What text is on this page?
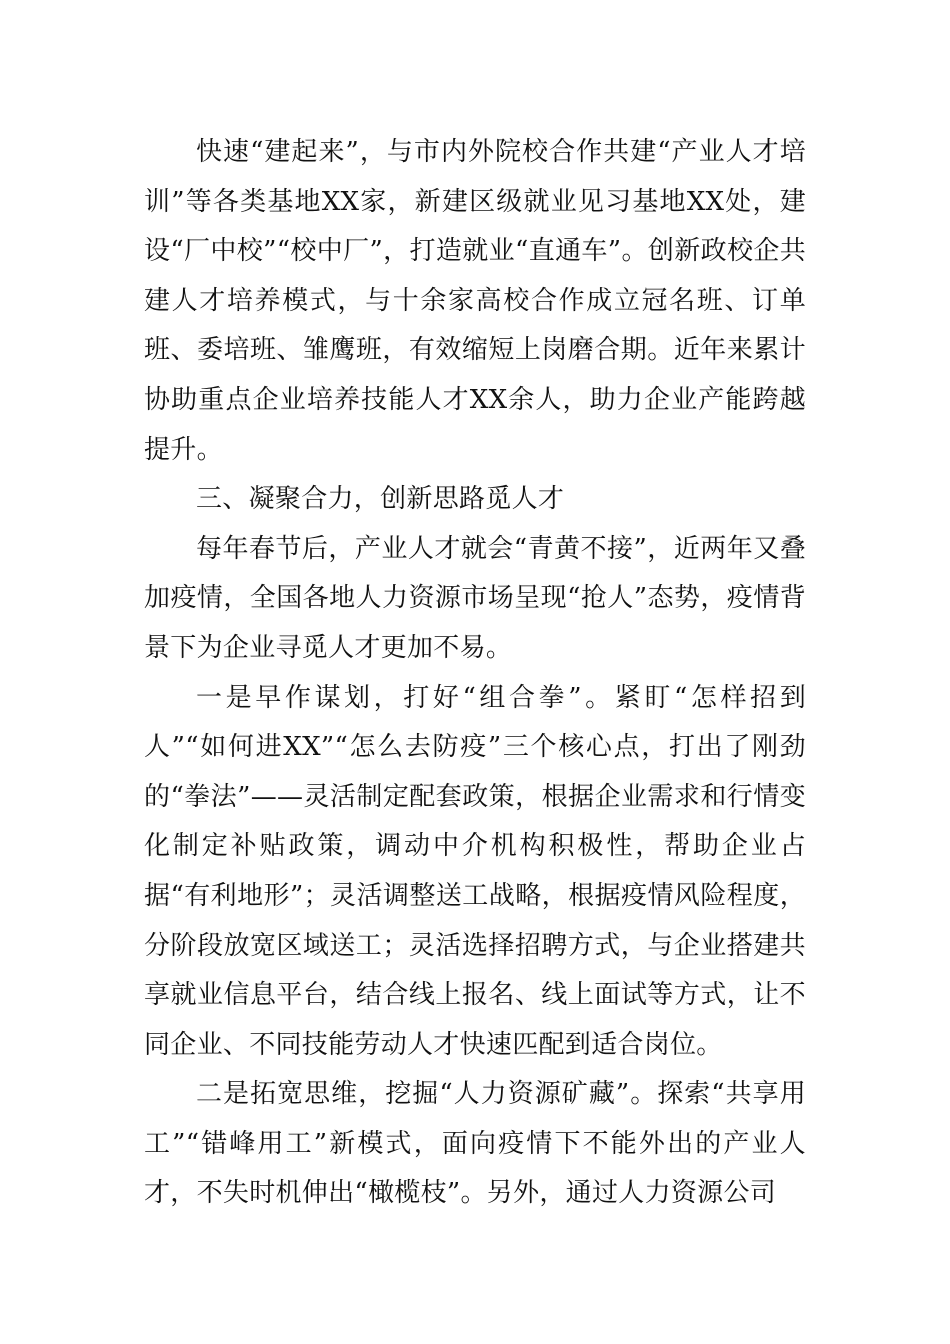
快速“建起来”，与市内外院校合作共建“产业人才培训”等各类基地XX家，新建区级就业见习基地XX处，建设“厂中校”“校中厂”，打造就业“直通车”。创新政校企共建人才培养模式，与十余家高校合作成立冠名班、订单班、委培班、雏鹰班，有效缩短上岗磨合期。近年来累计协助重点企业培养技能人才XX余人，助力企业产能跨越提升。

三、凝聚合力，创新思路觅人才

每年春节后，产业人才就会“青黄不接”，近两年又叠加疫情，全国各地人力资源市场呈现“抢人”态势，疫情背景下为企业寻觅人才更加不易。

一是早作谋划，打好“组合拳”。紧盯“怎样招到人”“如何进XX”“怎么去防疫”三个核心点，打出了刚劲的“拳法”——灵活制定配套政策，根据企业需求和行情变化制定补贴政策，调动中介机构积极性，帮助企业占据“有利地形”；灵活调整送工战略，根据疫情风险程度，分阶段放宽区域送工；灵活选择招聘方式，与企业搭建共享就业信息平台，结合线上报名、线上面试等方式，让不同企业、不同技能劳动人才快速匹配到适合岗位。

二是拓宽思维，挖掘“人力资源矿藏”。探索“共享用工”“错峰用工”新模式，面向疫情下不能外出的产业人才，不失时机伸出“橄榄枝”。另外，通过人力资源公司
